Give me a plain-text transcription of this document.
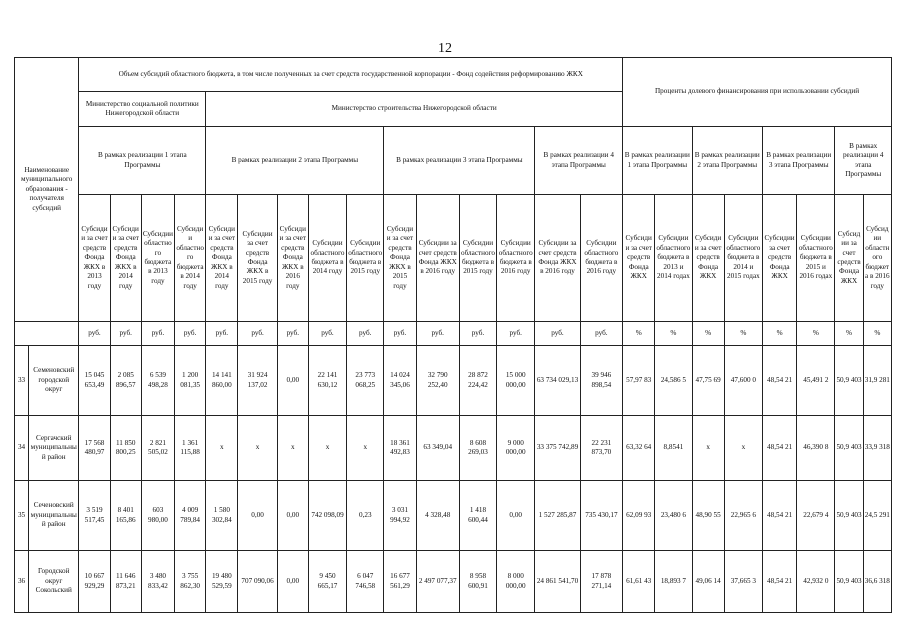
12
Наименование муниципального образования - получателя субсидий		Объем субсидий областного бюджета, в том числе полученных за счет средств государственной корпорации - Фонд содействия реформированию ЖКХ															Проценты долевого финансирования при использовании субсидий							
		Министерство социальной политики Нижегородской области				Министерство строительства Нижегородской области																		

		В рамках реализации 1 этапа Программы				В рамках реализации 2 этапа Программы					В рамках реализации 3 этапа Программы				В рамках реализации 4 этапа Программы		В рамках реализации 1 этапа Программы		В рамках реализации 2 этапа Программы		В рамках реализации 3 этапа Программы		В рамках реализации 4 этапа Программы	
		Субсидии за счет средств Фонда ЖКХ в 2013 году	Субсидии за счет средств Фонда ЖКХ в 2014 году	Субсидии областного бюджета в 2013 году	Субсидии областного бюджета в 2014 году	Субсидии за счет средств Фонда ЖКХ в 2014 году	Субсидии за счет средств Фонда ЖКХ в 2015 году	Субсидии за счет средств Фонда ЖКХ в 2016 году	Субсидии областного бюджета в 2014 году	Субсидии областного бюджета в 2015 году	Субсидии за счет средств Фонда ЖКХ в 2015 году	Субсидии за счет средств Фонда ЖКХ в 2016 году	Субсидии областного бюджета в 2015 году	Субсидии областного бюджета в 2016 году	Субсидии за счет средств Фонда ЖКХ в 2016 году	Субсидии областного бюджета в 2016 году	Субсидии за счет средств Фонда ЖКХ	Субсидии областного бюджета в 2013 и 2014 годах	Субсидии за счет средств Фонда ЖКХ	Субсидии областного бюджета в 2014 и 2015 годах	Субсидии за счет средств Фонда ЖКХ	Субсидии областного бюджета в 2015 и 2016 годах	Субсидии за счет средств Фонда ЖКХ	Субсидии областного бюджета в 2016 году
		руб.	руб.	руб.	руб.	руб.	руб.	руб.	руб.	руб.	руб.	руб.	руб.	руб.	руб.	руб.	%	%	%	%	%	%	%	%
33	Семеновский городской округ	15 045 653,49	2 085 896,57	6 539 498,28	1 200 081,35	14 141 860,00	31 924 137,02	0,00	22 141 630,12	23 773 068,25	14 024 345,06	32 790 252,40	28 872 224,42	15 000 000,00	63 734 029,13	39 946 898,54	57,97 83	24,586 5	47,75 69	47,600 0	48,54 21	45,491 2	50,9 403	31,9 281
34	Сергачский муниципальный район	17 568 480,97	11 850 800,25	2 821 505,02	1 361 115,88	x	x	x	x	x	18 361 492,83	63 349,04	8 608 269,03	9 000 000,00	33 375 742,89	22 231 873,70	63,32 64	8,8541	x	x	48,54 21	46,390 8	50,9 403	33,9 318
35	Сеченовский муниципальный район	3 519 517,45	8 401 165,86	603 980,00	4 009 789,84	1 580 302,84	0,00	0,00	742 098,09	0,23	3 031 994,92	4 328,48	1 418 600,44	0,00	1 527 285,87	735 430,17	62,09 93	23,480 6	48,90 55	22,965 6	48,54 21	22,679 4	50,9 403	24,5 291
36	Городской округ Сокольский	10 667 929,29	11 646 873,21	3 480 833,42	3 755 862,30	19 480 529,59	707 090,06	0,00	9 450 665,17	6 047 746,58	16 677 561,29	2 497 077,37	8 958 600,91	8 000 000,00	24 861 541,70	17 878 271,14	61,61 43	18,893 7	49,06 14	37,665 3	48,54 21	42,932 0	50,9 403	36,6 318
